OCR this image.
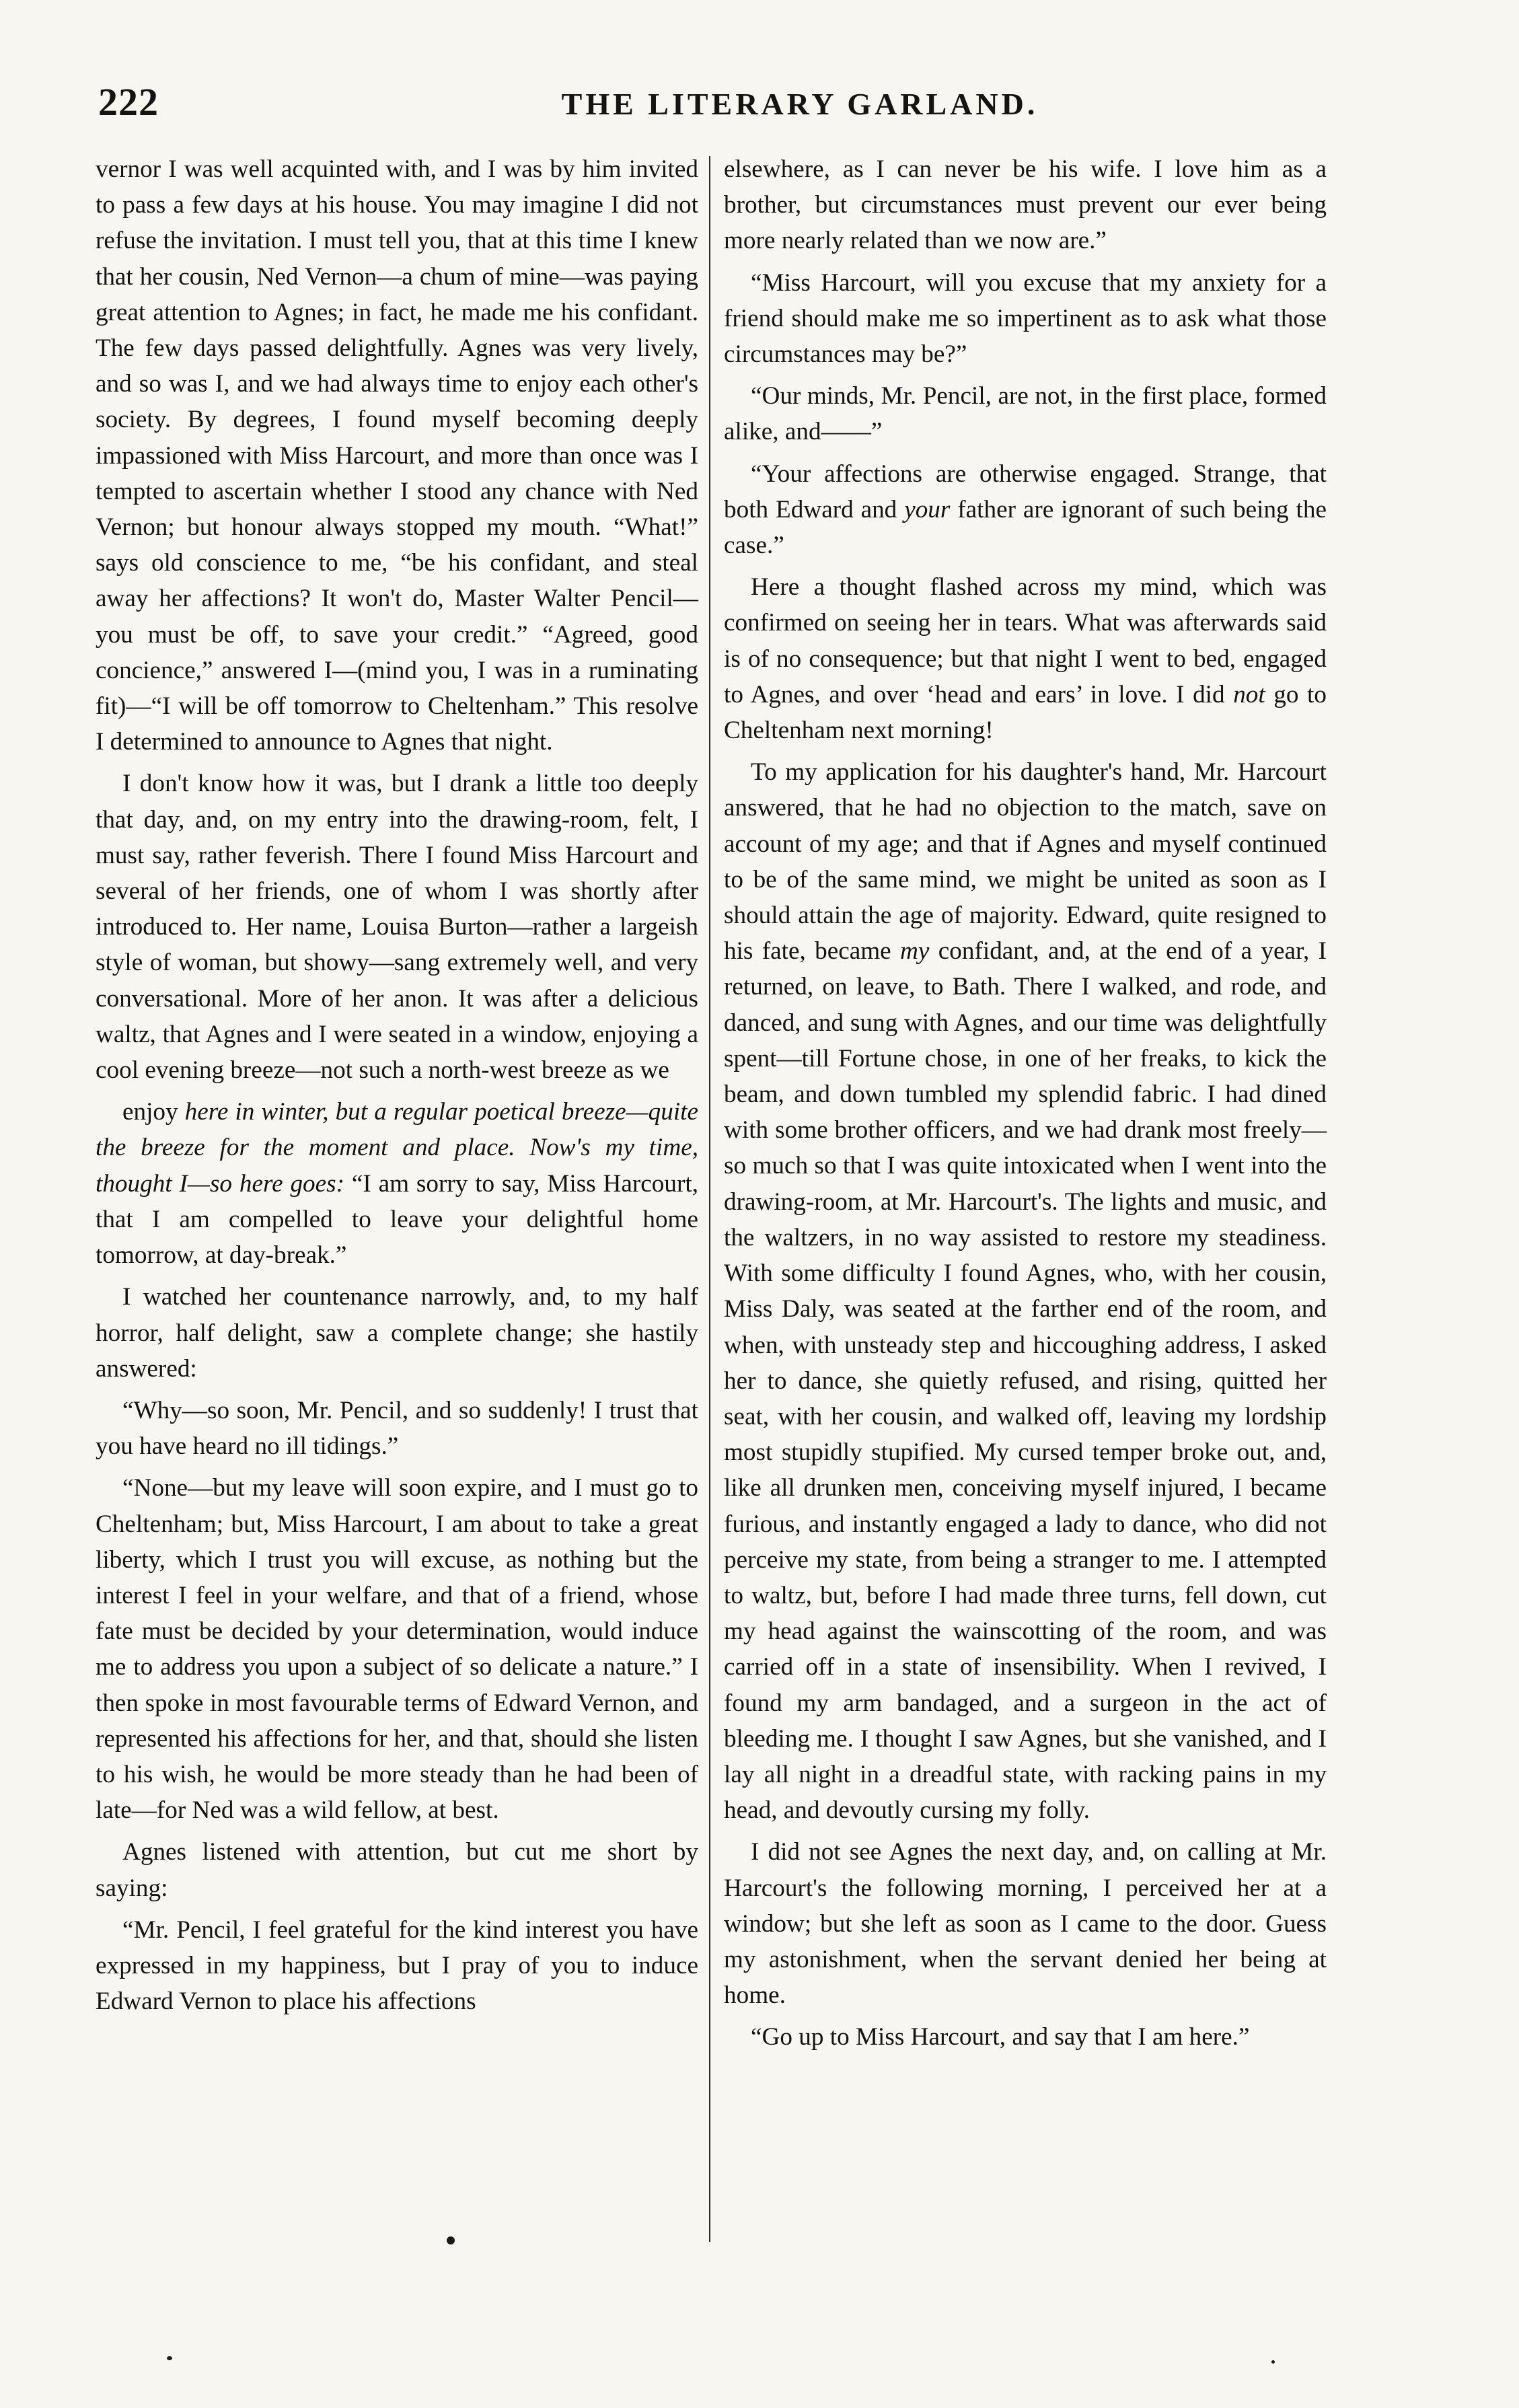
222	THE LITERARY GARLAND.

vernor I was well acquinted with, and I was by him invited to pass a few days at his house. You may imagine I did not refuse the invitation. I must tell you, that at this time I knew that her cousin, Ned Vernon—a chum of mine—was paying great attention to Agnes; in fact, he made me his confidant. The few days passed delightfully. Agnes was very lively, and so was I, and we had always time to enjoy each other's society. By degrees, I found myself becoming deeply impassioned with Miss Harcourt, and more than once was I tempted to ascertain whether I stood any chance with Ned Vernon; but honour always stopped my mouth. “What!” says old conscience to me, “be his confidant, and steal away her affections? It won't do, Master Walter Pencil—you must be off, to save your credit.” “Agreed, good concience,” answered I—(mind you, I was in a ruminating fit)—“I will be off tomorrow to Cheltenham.” This resolve I determined to announce to Agnes that night.

I don't know how it was, but I drank a little too deeply that day, and, on my entry into the drawing-room, felt, I must say, rather feverish. There I found Miss Harcourt and several of her friends, one of whom I was shortly after introduced to. Her name, Louisa Burton—rather a largeish style of woman, but showy—sang extremely well, and very conversational. More of her anon. It was after a delicious waltz, that Agnes and I were seated in a window, enjoying a cool evening breeze—not such a north-west breeze as we

enjoy here in winter, but a regular poetical breeze—quite the breeze for the moment and place. Now's my time, thought I—so here goes: “I am sorry to say, Miss Harcourt, that I am compelled to leave your delightful home tomorrow, at day-break.”

I watched her countenance narrowly, and, to my half horror, half delight, saw a complete change; she hastily answered:

“Why—so soon, Mr. Pencil, and so suddenly! I trust that you have heard no ill tidings.”

“None—but my leave will soon expire, and I must go to Cheltenham; but, Miss Harcourt, I am about to take a great liberty, which I trust you will excuse, as nothing but the interest I feel in your welfare, and that of a friend, whose fate must be decided by your determination, would induce me to address you upon a subject of so delicate a nature.” I then spoke in most favourable terms of Edward Vernon, and represented his affections for her, and that, should she listen to his wish, he would be more steady than he had been of late—for Ned was a wild fellow, at best.

Agnes listened with attention, but cut me short by saying:

“Mr. Pencil, I feel grateful for the kind interest you have expressed in my happiness, but I pray of you to induce Edward Vernon to place his affections

elsewhere, as I can never be his wife. I love him as a brother, but circumstances must prevent our ever being more nearly related than we now are.”

“Miss Harcourt, will you excuse that my anxiety for a friend should make me so impertinent as to ask what those circumstances may be?”

“Our minds, Mr. Pencil, are not, in the first place, formed alike, and——”

“Your affections are otherwise engaged. Strange, that both Edward and your father are ignorant of such being the case.”

Here a thought flashed across my mind, which was confirmed on seeing her in tears. What was afterwards said is of no consequence; but that night I went to bed, engaged to Agnes, and over ‘head and ears’ in love. I did not go to Cheltenham next morning!

To my application for his daughter's hand, Mr. Harcourt answered, that he had no objection to the match, save on account of my age; and that if Agnes and myself continued to be of the same mind, we might be united as soon as I should attain the age of majority. Edward, quite resigned to his fate, became my confidant, and, at the end of a year, I returned, on leave, to Bath. There I walked, and rode, and danced, and sung with Agnes, and our time was delightfully spent—till Fortune chose, in one of her freaks, to kick the beam, and down tumbled my splendid fabric. I had dined with some brother officers, and we had drank most freely—so much so that I was quite intoxicated when I went into the drawing-room, at Mr. Harcourt's. The lights and music, and the waltzers, in no way assisted to restore my steadiness. With some difficulty I found Agnes, who, with her cousin, Miss Daly, was seated at the farther end of the room, and when, with unsteady step and hiccoughing address, I asked her to dance, she quietly refused, and rising, quitted her seat, with her cousin, and walked off, leaving my lordship most stupidly stupified. My cursed temper broke out, and, like all drunken men, conceiving myself injured, I became furious, and instantly engaged a lady to dance, who did not perceive my state, from being a stranger to me. I attempted to waltz, but, before I had made three turns, fell down, cut my head against the wainscotting of the room, and was carried off in a state of insensibility. When I revived, I found my arm bandaged, and a surgeon in the act of bleeding me. I thought I saw Agnes, but she vanished, and I lay all night in a dreadful state, with racking pains in my head, and devoutly cursing my folly.

I did not see Agnes the next day, and, on calling at Mr. Harcourt's the following morning, I perceived her at a window; but she left as soon as I came to the door. Guess my astonishment, when the servant denied her being at home.

“Go up to Miss Harcourt, and say that I am here.”
